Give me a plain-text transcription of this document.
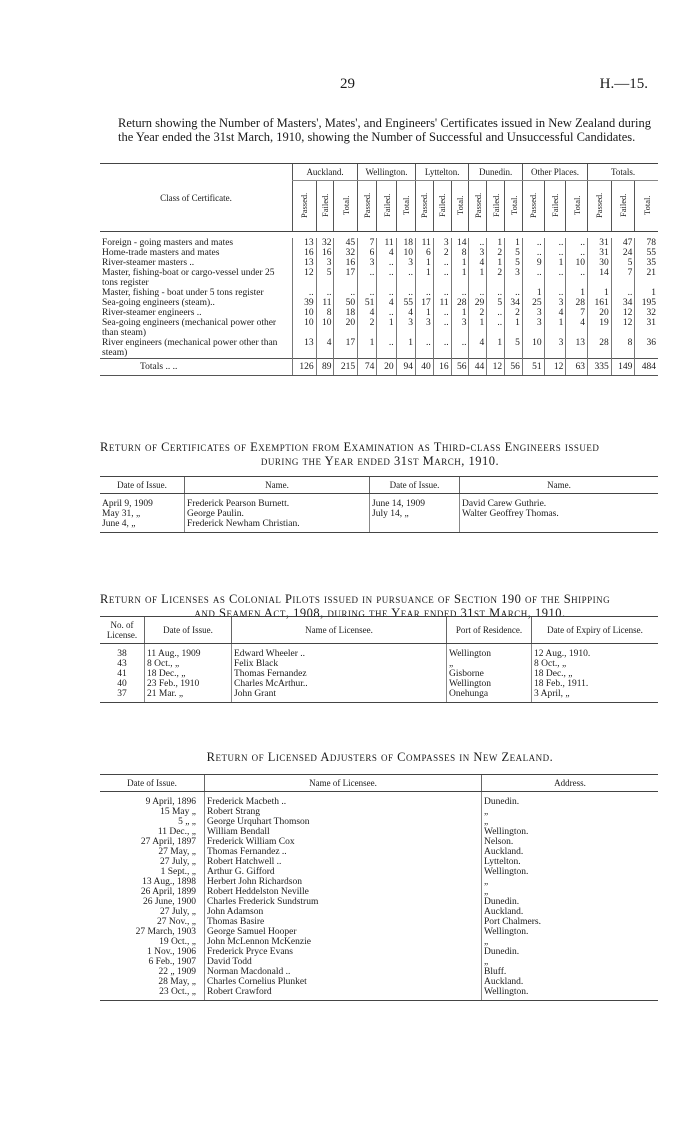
29	H.—15.
Return showing the Number of Masters', Mates', and Engineers' Certificates issued in New Zealand during the Year ended the 31st March, 1910, showing the Number of Successful and Unsuccessful Candidates.
Class of Certificate.	Auckland.			Wellington.			Lyttelton.			Dunedin.			Other Places.			Totals.		
	Passed.	Failed.	Total.	Passed.	Failed.	Total.	Passed.	Failed.	Total.	Passed.	Failed.	Total.	Passed.	Failed.	Total.	Passed.	Failed.	Total.

Foreign - going masters and mates	13	32	45	7	11	18	11	3	14	..	1	1	..	..	..	31	47	78
Home-trade masters and mates	16	16	32	6	4	10	6	2	8	3	2	5	..	..	..	31	24	55
River-steamer masters ..	13	3	16	3	..	3	1	..	1	4	1	5	9	1	10	30	5	35
Master, fishing-boat or cargo-vessel under 25 tons register	12	5	17	..	..	..	1	..	1	1	2	3	..	..	..	14	7	21
Master, fishing - boat under 5 tons register	..	..	..	..	..	..	..	..	..	..	..	..	1	..	1	1	..	1
Sea-going engineers (steam)..	39	11	50	51	4	55	17	11	28	29	5	34	25	3	28	161	34	195
River-steamer engineers ..	10	8	18	4	..	4	1	..	1	2	..	2	3	4	7	20	12	32
Sea-going engineers (mechanical power other than steam)	10	10	20	2	1	3	3	..	3	1	..	1	3	1	4	19	12	31
River engineers (mechanical power other than steam)	13	4	17	1	..	1	..	..	..	4	1	5	10	3	13	28	8	36
Totals .. ..	126	89	215	74	20	94	40	16	56	44	12	56	51	12	63	335	149	484
Return of Certificates of Exemption from Examination as Third-class Engineers issued
during the Year ended 31st March, 1910.
Date of Issue.	Name.	Date of Issue.	Name.
April 9, 1909	Frederick Pearson Burnett.	June 14, 1909	David Carew Guthrie.
May 31, „	George Paulin.	July 14, „	Walter Geoffrey Thomas.
June 4, „	Frederick Newham Christian.		
Return of Licenses as Colonial Pilots issued in pursuance of Section 190 of the Shipping
and Seamen Act, 1908, during the Year ended 31st March, 1910.
No. of License.	Date of Issue.	Name of Licensee.	Port of Residence.	Date of Expiry of License.
38	11 Aug., 1909	Edward Wheeler ..	Wellington	12 Aug., 1910.
43	8 Oct., „	Felix Black	„	8 Oct., „
41	18 Dec., „	Thomas Fernandez	Gisborne	18 Dec., „
40	23 Feb., 1910	Charles McArthur..	Wellington	18 Feb., 1911.
37	21 Mar. „	John Grant	Onehunga	3 April, „
Return of Licensed Adjusters of Compasses in New Zealand.
Date of Issue.	Name of Licensee.	Address.
9 April, 1896	Frederick Macbeth ..	Dunedin.
15 May „	Robert Strang	„
5 „ „	George Urquhart Thomson	„
11 Dec., „	William Bendall	Wellington.
27 April, 1897	Frederick William Cox	Nelson.
27 May, „	Thomas Fernandez ..	Auckland.
27 July, „	Robert Hatchwell ..	Lyttelton.
1 Sept., „	Arthur G. Gifford	Wellington.
13 Aug., 1898	Herbert John Richardson	„
26 April, 1899	Robert Heddelston Neville	„
26 June, 1900	Charles Frederick Sundstrum	Dunedin.
27 July, „	John Adamson	Auckland.
27 Nov., „	Thomas Basire	Port Chalmers.
27 March, 1903	George Samuel Hooper	Wellington.
19 Oct., „	John McLennon McKenzie	„
1 Nov., 1906	Frederick Pryce Evans	Dunedin.
6 Feb., 1907	David Todd	„
22 „ 1909	Norman Macdonald ..	Bluff.
28 May, „	Charles Cornelius Plunket	Auckland.
23 Oct., „	Robert Crawford	Wellington.
